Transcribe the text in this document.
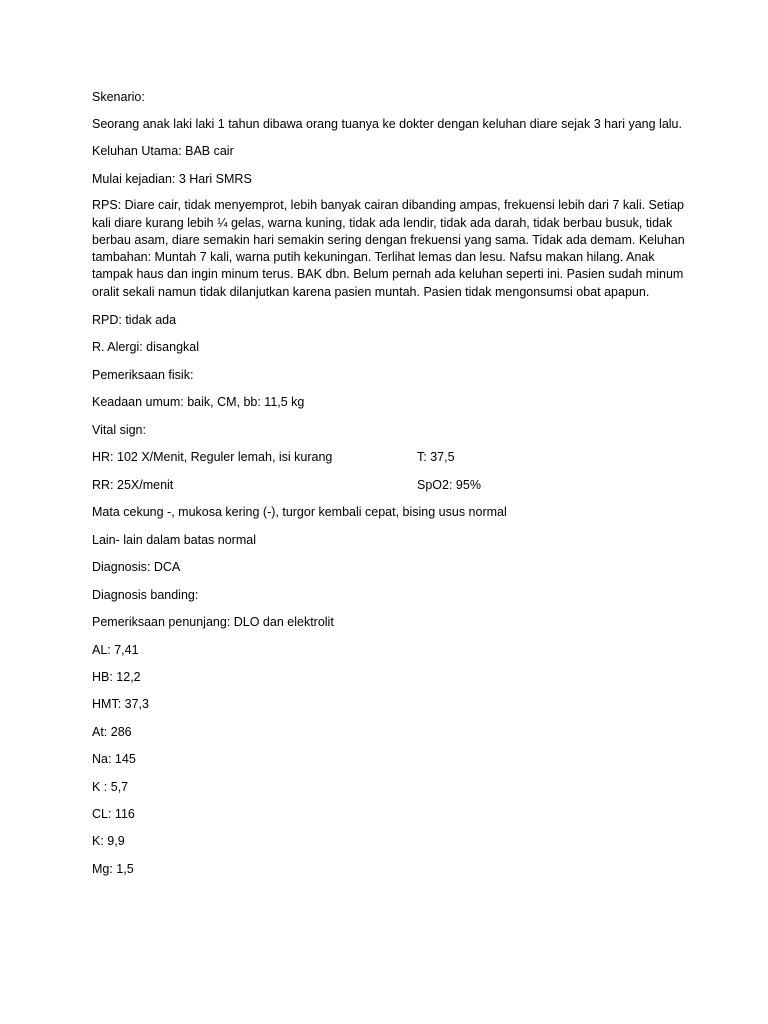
Skenario:

Seorang anak laki laki 1 tahun dibawa orang tuanya ke dokter dengan keluhan diare sejak 3 hari yang lalu.

Keluhan Utama: BAB cair

Mulai kejadian: 3 Hari SMRS

RPS: Diare cair, tidak menyemprot, lebih banyak cairan dibanding ampas, frekuensi lebih dari 7 kali. Setiap kali diare kurang lebih ¼ gelas, warna kuning, tidak ada lendir, tidak ada darah, tidak berbau busuk, tidak berbau asam, diare semakin hari semakin sering dengan frekuensi yang sama. Tidak ada demam. Keluhan tambahan: Muntah 7 kali, warna putih kekuningan. Terlihat lemas dan lesu. Nafsu makan hilang. Anak tampak haus dan ingin minum terus. BAK dbn. Belum pernah ada keluhan seperti ini. Pasien sudah minum oralit sekali namun tidak dilanjutkan karena pasien muntah. Pasien tidak mengonsumsi obat apapun.

RPD: tidak ada

R. Alergi: disangkal

Pemeriksaan fisik:

Keadaan umum: baik, CM, bb: 11,5 kg

Vital sign:

HR: 102 X/Menit, Reguler lemah, isi kurang	T: 37,5
RR: 25X/menit	SpO2: 95%

Mata cekung -, mukosa kering (-), turgor kembali cepat, bising usus normal

Lain- lain dalam batas normal

Diagnosis: DCA

Diagnosis banding:

Pemeriksaan penunjang: DLO dan elektrolit

AL: 7,41

HB: 12,2

HMT: 37,3

At: 286

Na: 145

K : 5,7

CL: 116

K: 9,9

Mg: 1,5
